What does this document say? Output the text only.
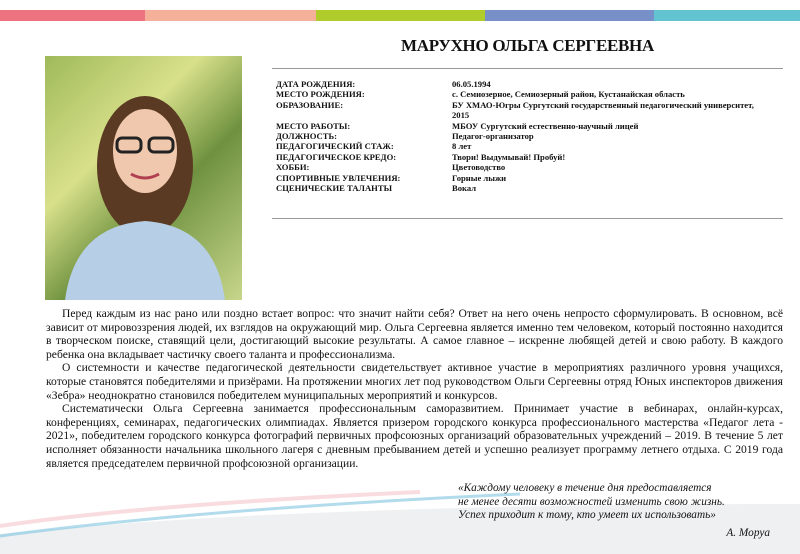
МАРУХНО ОЛЬГА СЕРГЕЕВНА
ДАТА РОЖДЕНИЯ:	06.05.1994
МЕСТО РОЖДЕНИЯ:	с. Семиозерное, Семиозерный район, Кустанайская область
ОБРАЗОВАНИЕ:	БУ ХМАО-Югры Сургутский государственный педагогический университет, 2015
МЕСТО РАБОТЫ:	МБОУ Сургутский естественно-научный лицей
ДОЛЖНОСТЬ:	Педагог-организатор
ПЕДАГОГИЧЕСКИЙ СТАЖ:	8 лет
ПЕДАГОГИЧЕСКОЕ КРЕДО:	Твори! Выдумывай! Пробуй!
ХОББИ:	Цветоводство
СПОРТИВНЫЕ УВЛЕЧЕНИЯ:	Горные лыжи
СЦЕНИЧЕСКИЕ ТАЛАНТЫ	Вокал

Перед каждым из нас рано или поздно встает вопрос: что значит найти себя? Ответ на него очень непросто сформулировать. В основном, всё зависит от мировоззрения людей, их взглядов на окружающий мир. Ольга Сергеевна является именно тем человеком, который постоянно находится в творческом поиске, ставящий цели, достигающий высокие результаты. А самое главное – искренне любящей детей и свою работу. В каждого ребенка она вкладывает частичку своего таланта и профессионализма.

О системности и качестве педагогической деятельности свидетельствует активное участие в мероприятиях различного уровня учащихся, которые становятся победителями и призёрами. На протяжении многих лет под руководством Ольги Сергеевны отряд Юных инспекторов движения «Зебра» неоднократно становился победителем муниципальных мероприятий и конкурсов.

Систематически Ольга Сергеевна занимается профессиональным саморазвитием. Принимает участие в вебинарах, онлайн-курсах, конференциях, семинарах, педагогических олимпиадах. Является призером городского конкурса профессионального мастерства «Педагог лета - 2021», победителем городского конкурса фотографий первичных профсоюзных организаций образовательных учреждений – 2019. В течение 5 лет исполняет обязанности начальника школьного лагеря с дневным пребыванием детей и успешно реализует программу летнего отдыха. С 2019 года является председателем первичной профсоюзной организации.

«Каждому человеку в течение дня предоставляется
не менее десяти возможностей изменить свою жизнь.
Успех приходит к тому, кто умеет их использовать»
А. Моруа
